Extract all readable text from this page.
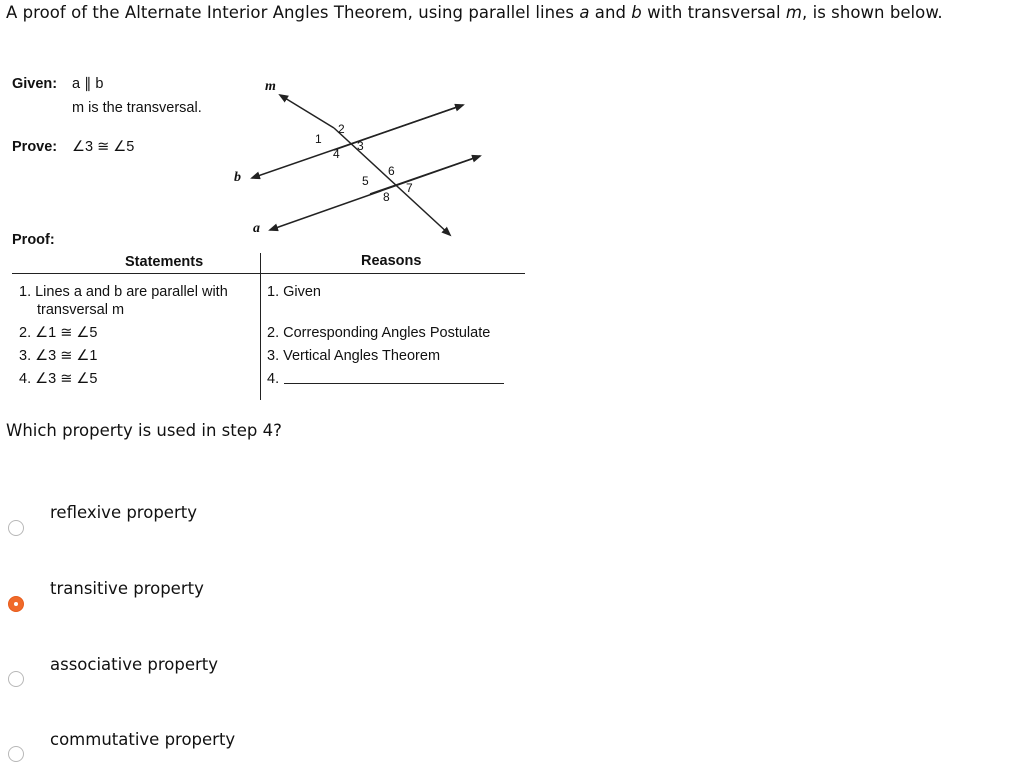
A proof of the Alternate Interior Angles Theorem, using parallel lines a and b with transversal m, is shown below.
Given: a ∥ b
m is the transversal.
Prove: ∠3 ≅ ∠5
m
b
a
1
2
3
4
5
6
7
8
Proof:
Statements	Reasons
1. Lines a and b are parallel with
transversal m
2. ∠1 ≅ ∠5
3. ∠3 ≅ ∠1
4. ∠3 ≅ ∠5
1. Given
2. Corresponding Angles Postulate
3. Vertical Angles Theorem
4.
Which property is used in step 4?
reflexive property
transitive property
associative property
commutative property
